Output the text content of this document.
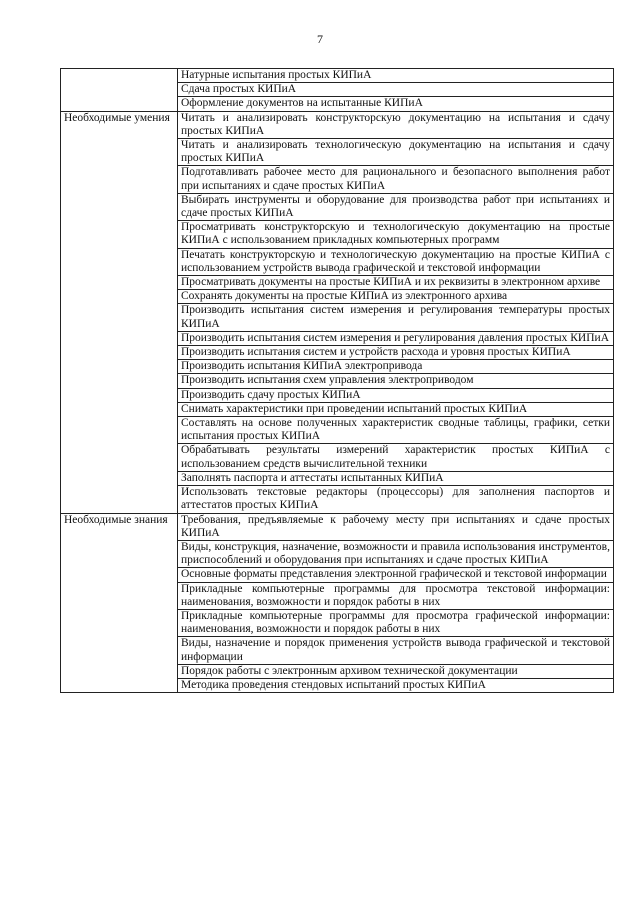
7
	Натурные испытания простых КИПиА
	Сдача простых КИПиА
	Оформление документов на испытанные КИПиА
Необходимые умения	Читать и анализировать конструкторскую документацию на испытания и сдачу простых КИПиА
	Читать и анализировать технологическую документацию на испытания и сдачу простых КИПиА
	Подготавливать рабочее место для рационального и безопасного выполнения работ при испытаниях и сдаче простых КИПиА
	Выбирать инструменты и оборудование для производства работ при испытаниях и сдаче простых КИПиА
	Просматривать конструкторскую и технологическую документацию на простые КИПиА с использованием прикладных компьютерных программ
	Печатать конструкторскую и технологическую документацию на простые КИПиА с использованием устройств вывода графической и текстовой информации
	Просматривать документы на простые КИПиА и их реквизиты в электронном архиве
	Сохранять документы на простые КИПиА из электронного архива
	Производить испытания систем измерения и регулирования температуры простых КИПиА
	Производить испытания систем измерения и регулирования давления простых КИПиА
	Производить испытания систем и устройств расхода и уровня простых КИПиА
	Производить испытания КИПиА электропривода
	Производить испытания схем управления электроприводом
	Производить сдачу простых КИПиА
	Снимать характеристики при проведении испытаний простых КИПиА
	Составлять на основе полученных характеристик сводные таблицы, графики, сетки испытания простых КИПиА
	Обрабатывать результаты измерений характеристик простых КИПиА с использованием средств вычислительной техники
	Заполнять паспорта и аттестаты испытанных КИПиА
	Использовать текстовые редакторы (процессоры) для заполнения паспортов и аттестатов простых КИПиА
Необходимые знания	Требования, предъявляемые к рабочему месту при испытаниях и сдаче простых КИПиА
	Виды, конструкция, назначение, возможности и правила использования инструментов, приспособлений и оборудования при испытаниях и сдаче простых КИПиА
	Основные форматы представления электронной графической и текстовой информации
	Прикладные компьютерные программы для просмотра текстовой информации: наименования, возможности и порядок работы в них
	Прикладные компьютерные программы для просмотра графической информации: наименования, возможности и порядок работы в них
	Виды, назначение и порядок применения устройств вывода графической и текстовой информации
	Порядок работы с электронным архивом технической документации
	Методика проведения стендовых испытаний простых КИПиА
